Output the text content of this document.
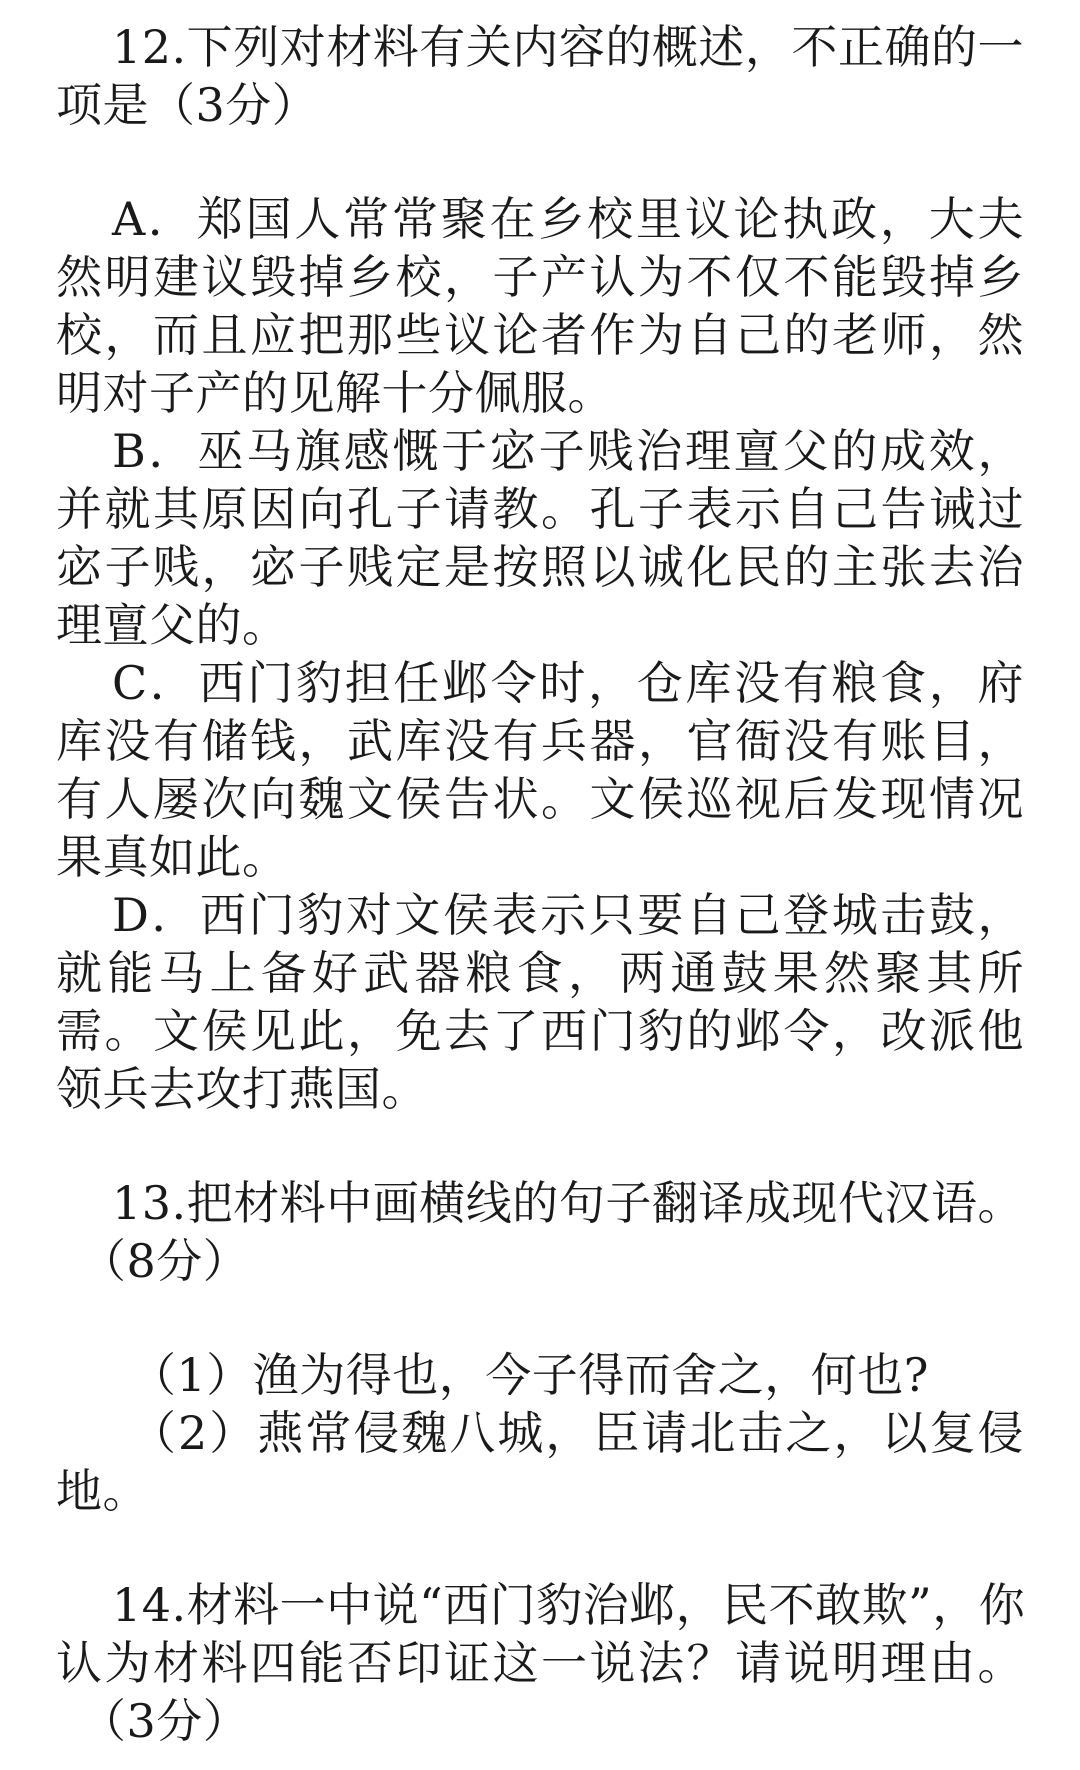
12.下列对材料有关内容的概述，不正确的一
项是（3分）
A．郑国人常常聚在乡校里议论执政，大夫
然明建议毁掉乡校，子产认为不仅不能毁掉乡
校，而且应把那些议论者作为自己的老师，然
明对子产的见解十分佩服。
B．巫马旗感慨于宓子贱治理亶父的成效，
并就其原因向孔子请教。孔子表示自己告诫过
宓子贱，宓子贱定是按照以诚化民的主张去治
理亶父的。
C．西门豹担任邺令时，仓库没有粮食，府
库没有储钱，武库没有兵器，官衙没有账目，
有人屡次向魏文侯告状。文侯巡视后发现情况
果真如此。
D．西门豹对文侯表示只要自己登城击鼓，
就能马上备好武器粮食，两通鼓果然聚其所
需。文侯见此，免去了西门豹的邺令，改派他
领兵去攻打燕国。
13.把材料中画横线的句子翻译成现代汉语。
（8分）
（1）渔为得也，今子得而舍之，何也?
（2）燕常侵魏八城，臣请北击之，以复侵
地。
14.材料一中说“西门豹治邺，民不敢欺”，你
认为材料四能否印证这一说法？请说明理由。
（3分）
